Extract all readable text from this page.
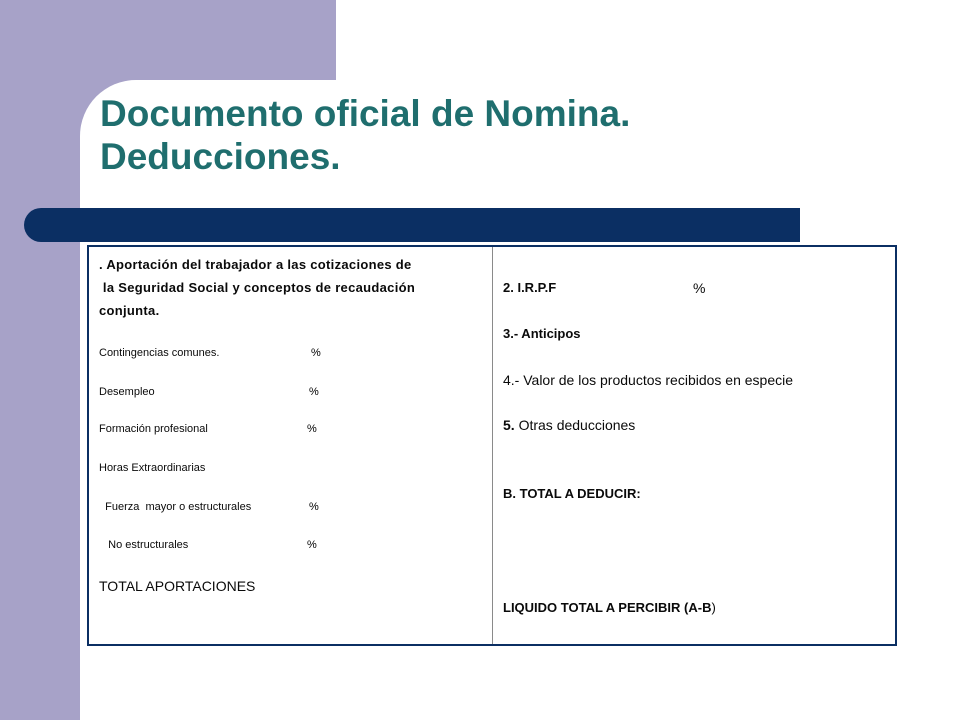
Documento oficial de Nomina.
Deducciones.
. Aportación del trabajador a las cotizaciones de
la Seguridad Social y conceptos de recaudación
conjunta.
Contingencias comunes.	%
Desempleo	%
Formación profesional	%
Horas Extraordinarias
Fuerza  mayor o estructurales	%
No estructurales	%
TOTAL APORTACIONES
2. I.R.P.F	%
3.- Anticipos
4.- Valor de los productos recibidos en especie
5. Otras deducciones
B. TOTAL A DEDUCIR:
LIQUIDO TOTAL A PERCIBIR (A-B)
